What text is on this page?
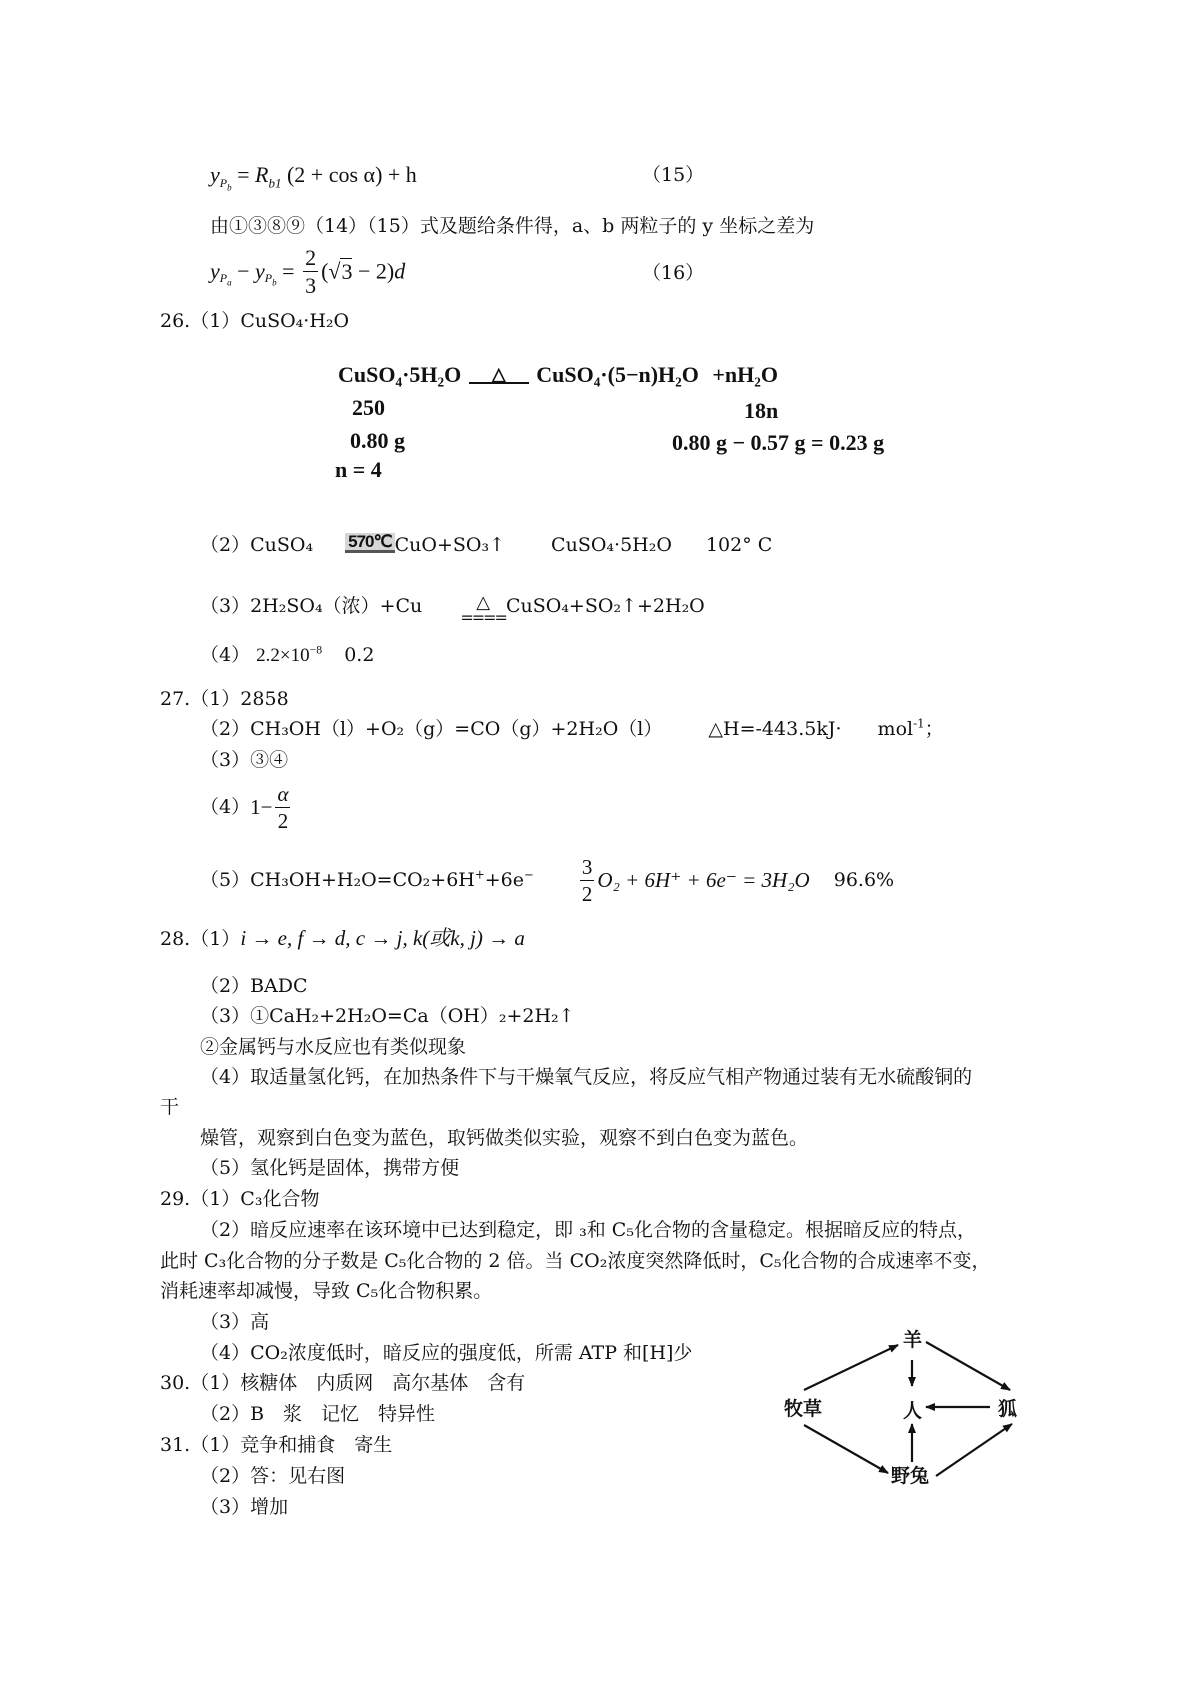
$y_{P_b} = R_{b1}$ (2 + cos α) + h	（15）
由①③⑧⑨（14）（15）式及题给条件得，a、b 两粒子的 y 坐标之差为
$y_{P_a} - y_{P_b} = \frac{2}{3} (√3 - 2)d$	（16）
26.（1）CuSO₄·H₂O
CuSO₄·5H₂O △ CuSO₄·(5−n)H₂O +nH₂O
250	18n
0.80 g	0.80 g − 0.57 g = 0.23 g
n = 4
（2）CuSO₄ 570℃ CuO+SO₃↑ CuSO₄·5H₂O 102° C
（3）2H₂SO₄（浓）+Cu	△
====
CuSO₄+SO₂↑+2H₂O
（4） $2.2\times 10^{-8}$ 0.2
27.（1）2858
（2）CH₃OH（l）+O₂（g）=CO（g）+2H₂O（l） △H=-443.5kJ· mol$^{-1}$；
（3）③④
$(4)1- \frac{\alpha}{2}$
$(5)CH_3OH+H_2O=CO_2+6H^++6e^- \frac{3}{2} O_2 + 6H^+ + 6e^- = 3H_2O$ 96.6%
28.（1）i → e, f → d, c → j, k(或k, j) → a
（2）BADC
（3）①CaH₂+2H₂O=Ca（OH）₂+2H₂↑
②金属钙与水反应也有类似现象
（4）取适量氢化钙，在加热条件下与干燥氧气反应，将反应气相产物通过装有无水硫酸铜的
干
燥管，观察到白色变为蓝色，取钙做类似实验，观察不到白色变为蓝色。
（5）氢化钙是固体，携带方便
29.（1）C₃化合物
（2）暗反应速率在该环境中已达到稳定，即 ₃和 C₅化合物的含量稳定。根据暗反应的特点，
此时 C₃化合物的分子数是 C₅化合物的 2 倍。当 CO₂浓度突然降低时，C₅化合物的合成速率不变，
消耗速率却减慢，导致 C₅化合物积累。
（3）高
（4）CO₂浓度低时，暗反应的强度低，所需 ATP 和[H]少
30.（1）核糖体　内质网　高尔基体　含有
（2）B　浆　记忆　特异性
31.（1）竞争和捕食　寄生
（2）答：见右图
（3）增加
牧草
羊
人	狐
野兔
